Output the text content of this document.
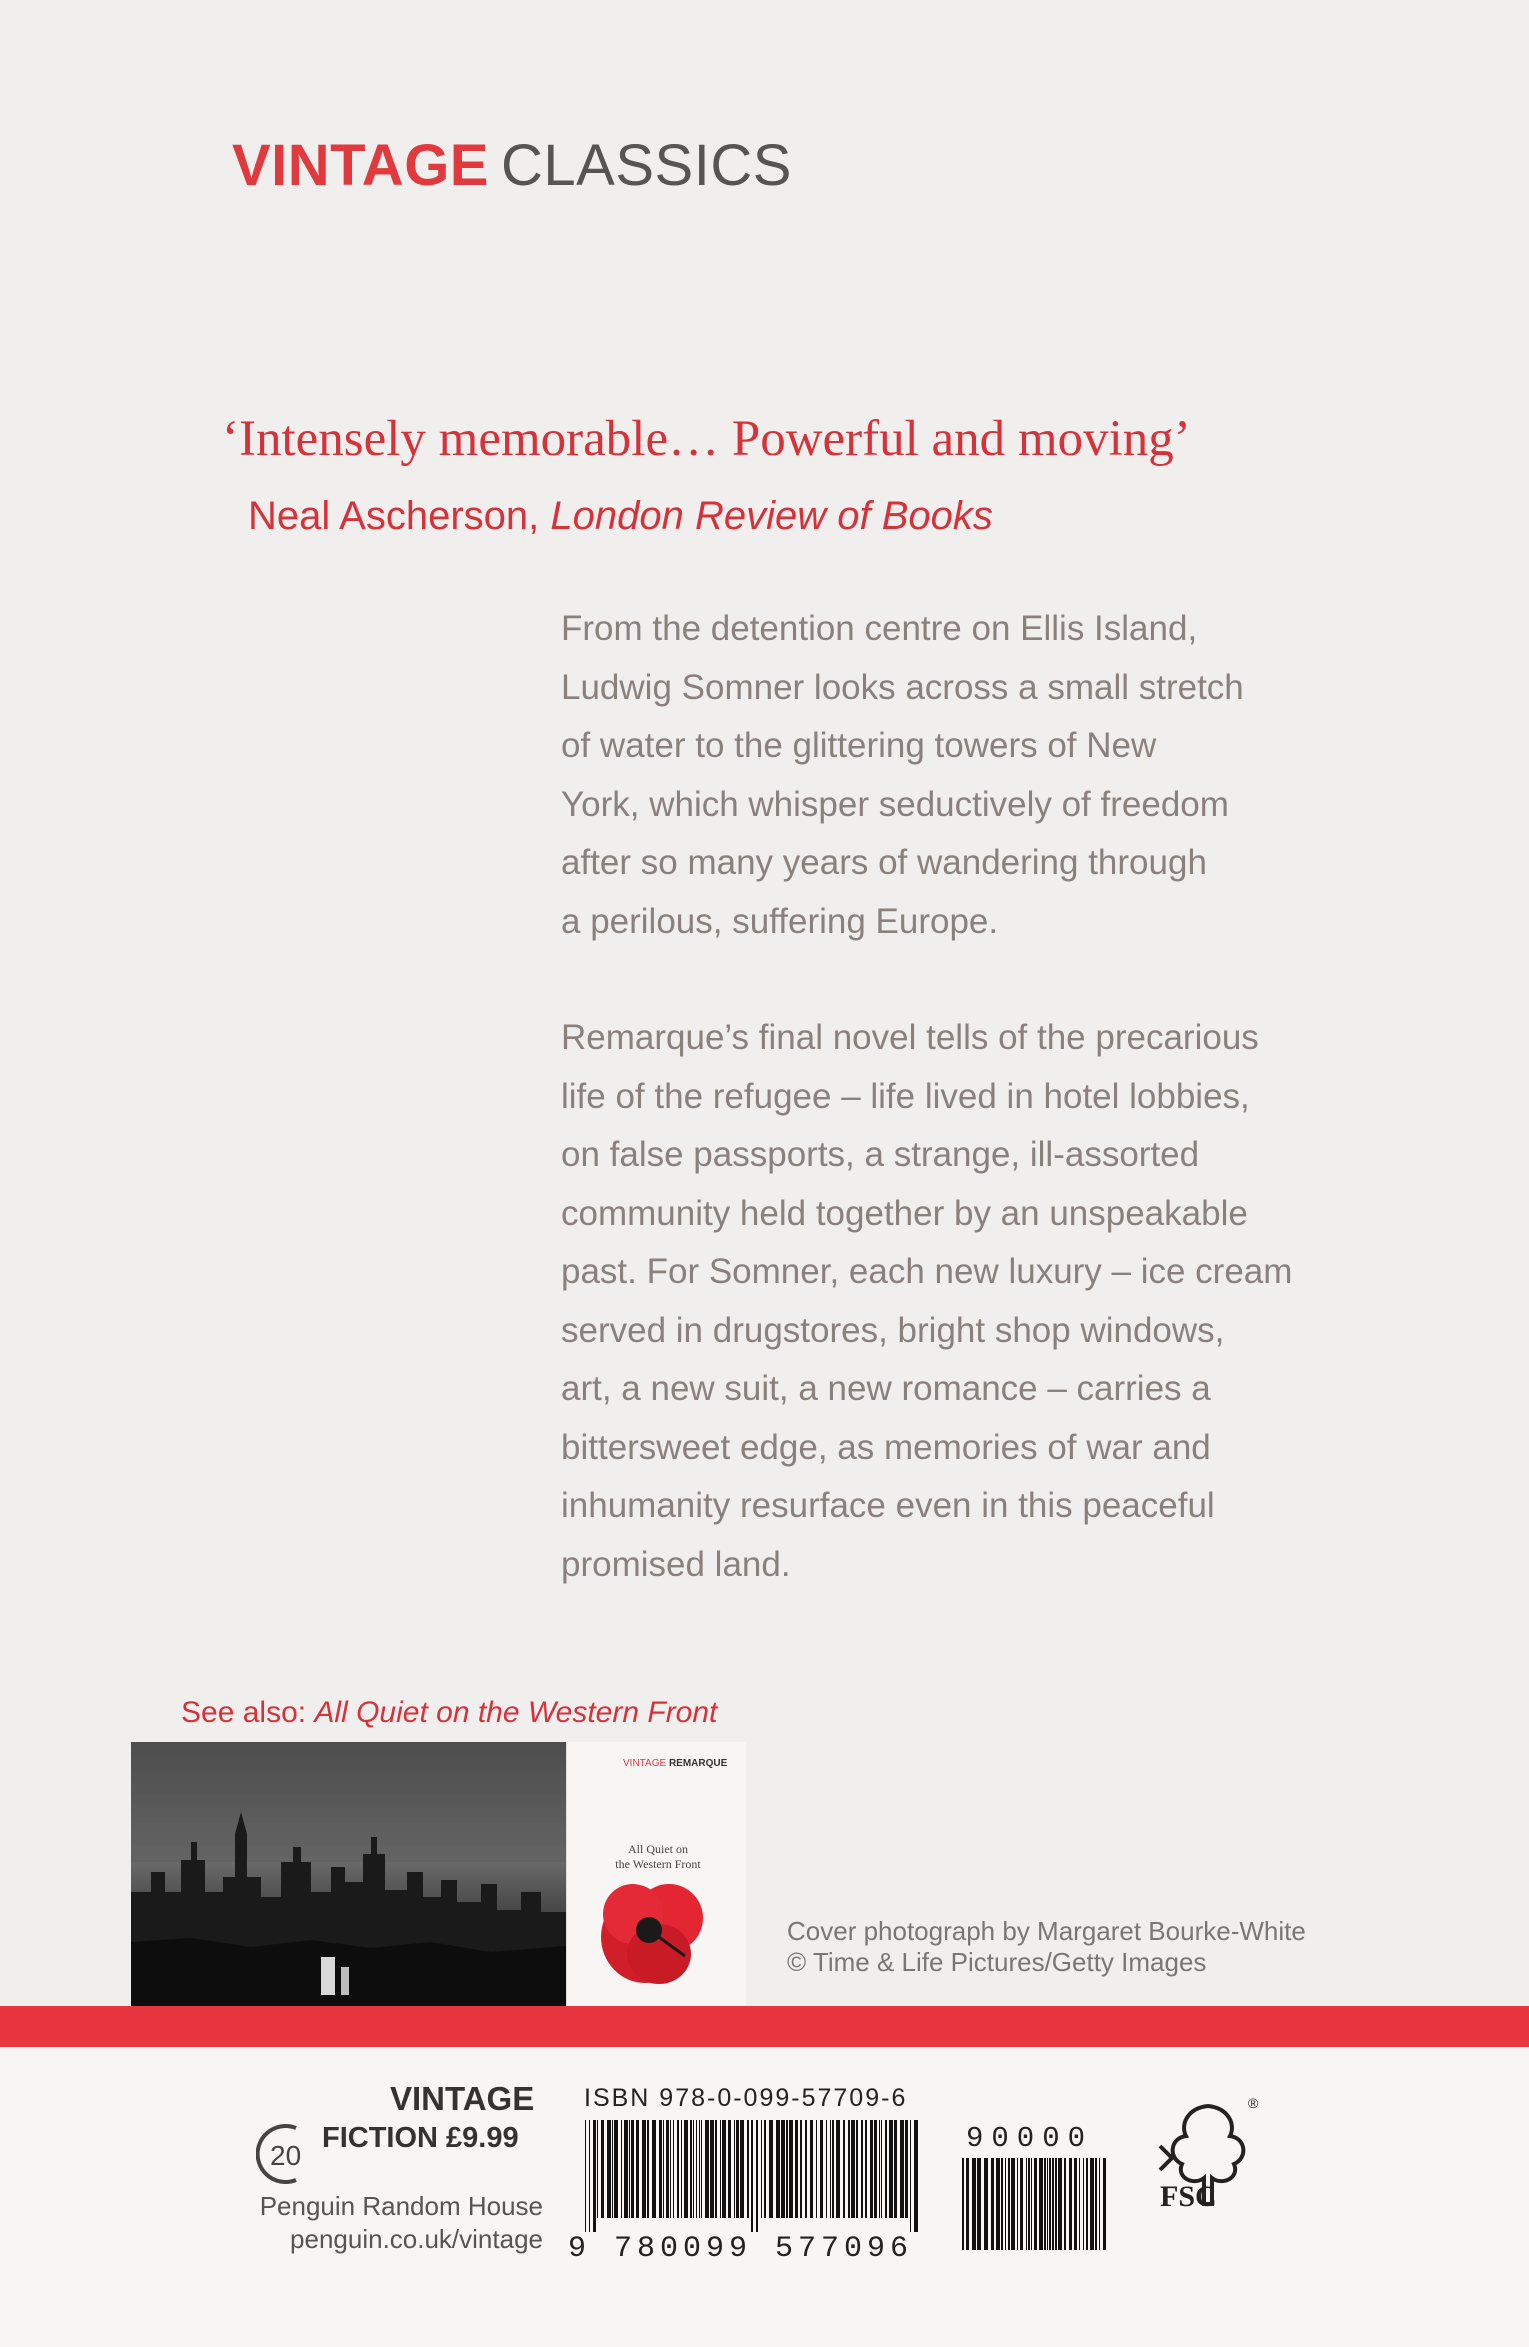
VINTAGE CLASSICS
‘Intensely memorable… Powerful and moving’
Neal Ascherson, London Review of Books
From the detention centre on Ellis Island,
Ludwig Somner looks across a small stretch
of water to the glittering towers of New
York, which whisper seductively of freedom
after so many years of wandering through
a perilous, suffering Europe.
Remarque’s final novel tells of the precarious
life of the refugee – life lived in hotel lobbies,
on false passports, a strange, ill-assorted
community held together by an unspeakable
past. For Somner, each new luxury – ice cream
served in drugstores, bright shop windows,
art, a new suit, a new romance – carries a
bittersweet edge, as memories of war and
inhumanity resurface even in this peaceful
promised land.
See also: All Quiet on the Western Front
VINTAGE REMARQUE
All Quiet on
the Western Front
Cover photograph by Margaret Bourke-White
© Time & Life Pictures/Getty Images
VINTAGE
20
FICTION £9.99
Penguin Random House
penguin.co.uk/vintage
ISBN 978-0-099-57709-6
9 780099 577096
90000
®
FSC
